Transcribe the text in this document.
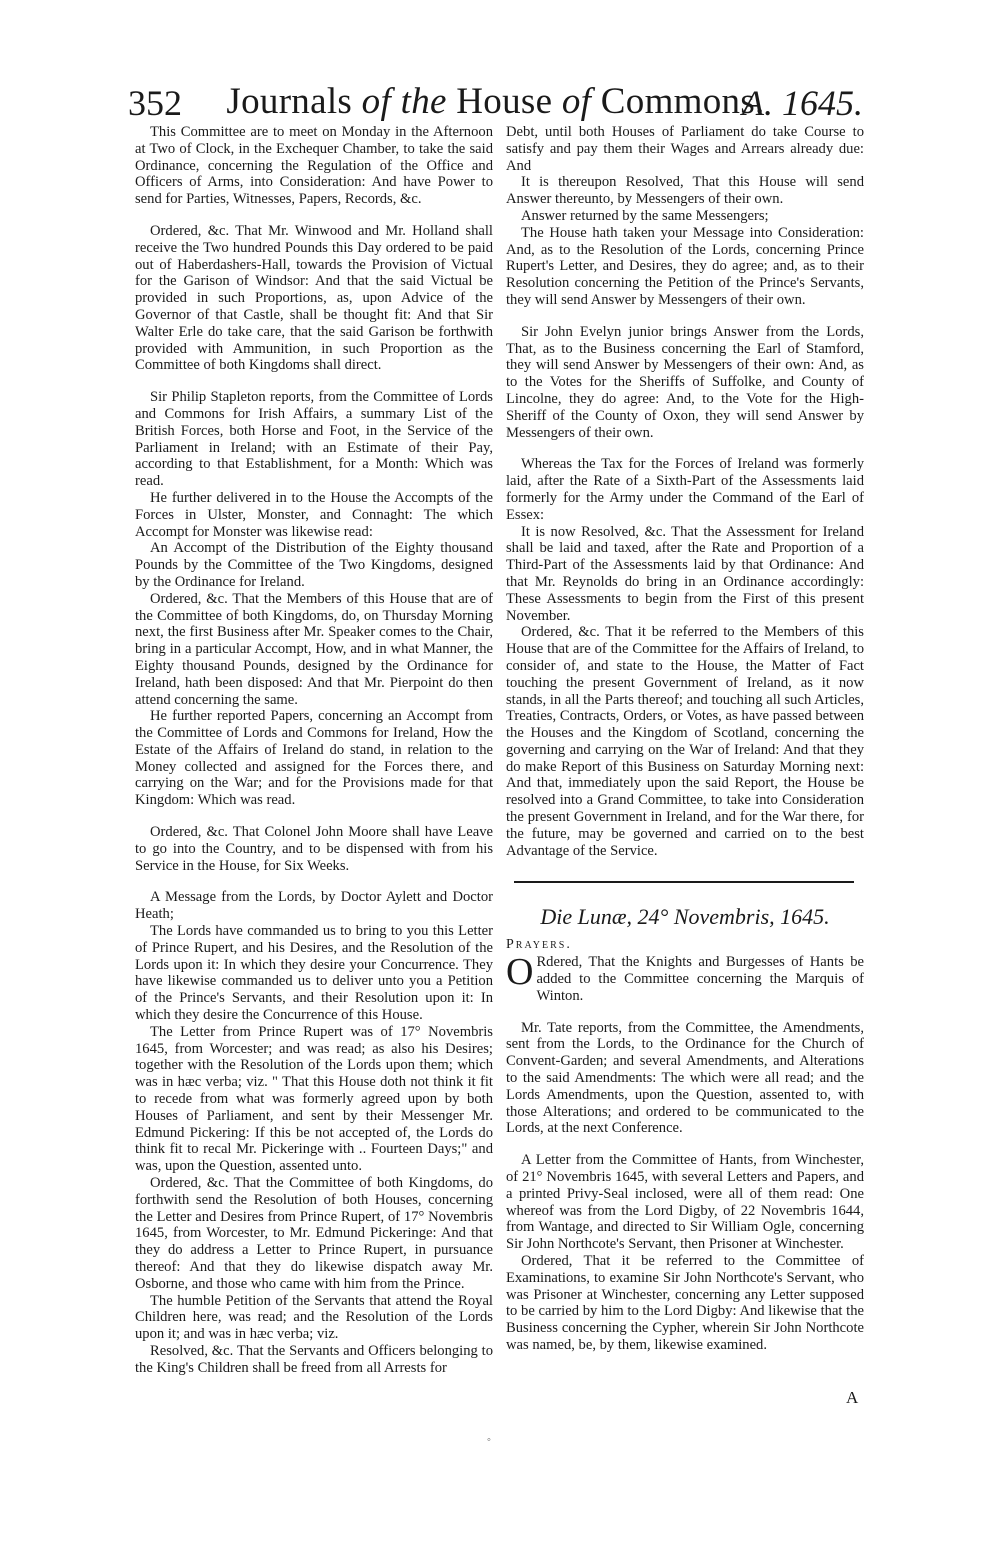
352	Journals of the House of Commons.
A. 1645.

This Committee are to meet on Monday in the Afternoon at Two of Clock, in the Exchequer Chamber, to take the said Ordinance, concerning the Regulation of the Office and Officers of Arms, into Consideration: And have Power to send for Parties, Witnesses, Papers, Records, &c.

Ordered, &c. That Mr. Winwood and Mr. Holland shall receive the Two hundred Pounds this Day ordered to be paid out of Haberdashers-Hall, towards the Provision of Victual for the Garison of Windsor: And that the said Victual be provided in such Proportions, as, upon Advice of the Governor of that Castle, shall be thought fit: And that Sir Walter Erle do take care, that the said Garison be forthwith provided with Ammunition, in such Proportion as the Committee of both Kingdoms shall direct.

Sir Philip Stapleton reports, from the Committee of Lords and Commons for Irish Affairs, a summary List of the British Forces, both Horse and Foot, in the Service of the Parliament in Ireland; with an Estimate of their Pay, according to that Establishment, for a Month: Which was read.

He further delivered in to the House the Accompts of the Forces in Ulster, Monster, and Connaght: The which Accompt for Monster was likewise read:

An Accompt of the Distribution of the Eighty thousand Pounds by the Committee of the Two Kingdoms, designed by the Ordinance for Ireland.

Ordered, &c. That the Members of this House that are of the Committee of both Kingdoms, do, on Thursday Morning next, the first Business after Mr. Speaker comes to the Chair, bring in a particular Accompt, How, and in what Manner, the Eighty thousand Pounds, designed by the Ordinance for Ireland, hath been disposed: And that Mr. Pierpoint do then attend concerning the same.

He further reported Papers, concerning an Accompt from the Committee of Lords and Commons for Ireland, How the Estate of the Affairs of Ireland do stand, in relation to the Money collected and assigned for the Forces there, and carrying on the War; and for the Provisions made for that Kingdom: Which was read.

Ordered, &c. That Colonel John Moore shall have Leave to go into the Country, and to be dispensed with from his Service in the House, for Six Weeks.

A Message from the Lords, by Doctor Aylett and Doctor Heath;

The Lords have commanded us to bring to you this Letter of Prince Rupert, and his Desires, and the Resolution of the Lords upon it: In which they desire your Concurrence. They have likewise commanded us to deliver unto you a Petition of the Prince's Servants, and their Resolution upon it: In which they desire the Concurrence of this House.

The Letter from Prince Rupert was of 17° Novembris 1645, from Worcester; and was read; as also his Desires; together with the Resolution of the Lords upon them; which was in hæc verba; viz. " That this House doth not think it fit to recede from what was formerly agreed upon by both Houses of Parliament, and sent by their Messenger Mr. Edmund Pickering: If this be not accepted of, the Lords do think fit to recal Mr. Pickeringe with .. Fourteen Days;" and was, upon the Question, assented unto.

Ordered, &c. That the Committee of both Kingdoms, do forthwith send the Resolution of both Houses, concerning the Letter and Desires from Prince Rupert, of 17° Novembris 1645, from Worcester, to Mr. Edmund Pickeringe: And that they do address a Letter to Prince Rupert, in pursuance thereof: And that they do likewise dispatch away Mr. Osborne, and those who came with him from the Prince.

The humble Petition of the Servants that attend the Royal Children here, was read; and the Resolution of the Lords upon it; and was in hæc verba; viz.

Resolved, &c. That the Servants and Officers belonging to the King's Children shall be freed from all Arrests for

Debt, until both Houses of Parliament do take Course to satisfy and pay them their Wages and Arrears already due: And

It is thereupon Resolved, That this House will send Answer thereunto, by Messengers of their own.

Answer returned by the same Messengers;

The House hath taken your Message into Consideration: And, as to the Resolution of the Lords, concerning Prince Rupert's Letter, and Desires, they do agree; and, as to their Resolution concerning the Petition of the Prince's Servants, they will send Answer by Messengers of their own.

Sir John Evelyn junior brings Answer from the Lords, That, as to the Business concerning the Earl of Stamford, they will send Answer by Messengers of their own: And, as to the Votes for the Sheriffs of Suffolke, and County of Lincolne, they do agree: And, to the Vote for the High-Sheriff of the County of Oxon, they will send Answer by Messengers of their own.

Whereas the Tax for the Forces of Ireland was formerly laid, after the Rate of a Sixth-Part of the Assessments laid formerly for the Army under the Command of the Earl of Essex:

It is now Resolved, &c. That the Assessment for Ireland shall be laid and taxed, after the Rate and Proportion of a Third-Part of the Assessments laid by that Ordinance: And that Mr. Reynolds do bring in an Ordinance accordingly: These Assessments to begin from the First of this present November.

Ordered, &c. That it be referred to the Members of this House that are of the Committee for the Affairs of Ireland, to consider of, and state to the House, the Matter of Fact touching the present Government of Ireland, as it now stands, in all the Parts thereof; and touching all such Articles, Treaties, Contracts, Orders, or Votes, as have passed between the Houses and the Kingdom of Scotland, concerning the governing and carrying on the War of Ireland: And that they do make Report of this Business on Saturday Morning next: And that, immediately upon the said Report, the House be resolved into a Grand Committee, to take into Consideration the present Government in Ireland, and for the War there, for the future, may be governed and carried on to the best Advantage of the Service.

Die Lunæ, 24° Novembris, 1645.

Prayers.

O Rdered, That the Knights and Burgesses of Hants be added to the Committee concerning the Marquis of Winton.

Mr. Tate reports, from the Committee, the Amendments, sent from the Lords, to the Ordinance for the Church of Convent-Garden; and several Amendments, and Alterations to the said Amendments: The which were all read; and the Lords Amendments, upon the Question, assented to, with those Alterations; and ordered to be communicated to the Lords, at the next Conference.

A Letter from the Committee of Hants, from Winchester, of 21° Novembris 1645, with several Letters and Papers, and a printed Privy-Seal inclosed, were all of them read: One whereof was from the Lord Digby, of 22 Novembris 1644, from Wantage, and directed to Sir William Ogle, concerning Sir John Northcote's Servant, then Prisoner at Winchester.

Ordered, That it be referred to the Committee of Examinations, to examine Sir John Northcote's Servant, who was Prisoner at Winchester, concerning any Letter supposed to be carried by him to the Lord Digby: And likewise that the Business concerning the Cypher, wherein Sir John Northcote was named, be, by them, likewise examined.

A
◦
